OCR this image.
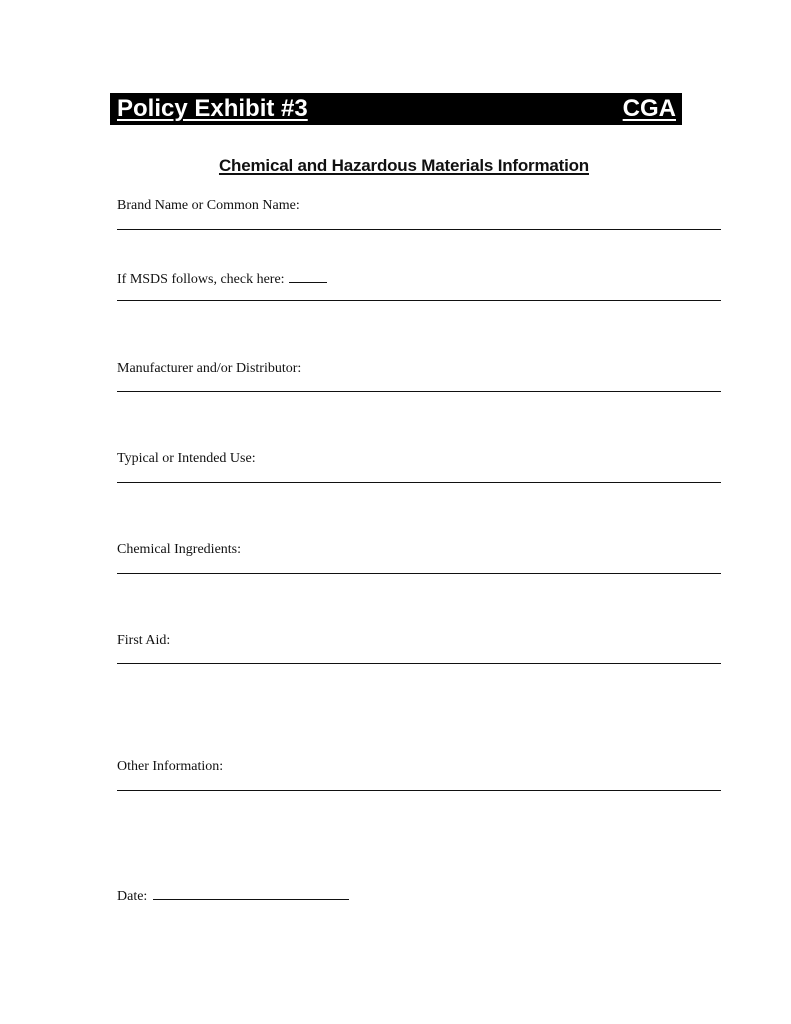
Policy Exhibit #3	CGA
Chemical and Hazardous Materials Information
Brand Name or Common Name:
If MSDS follows, check here:
Manufacturer and/or Distributor:
Typical or Intended Use:
Chemical Ingredients:
First Aid:
Other Information:
Date:
